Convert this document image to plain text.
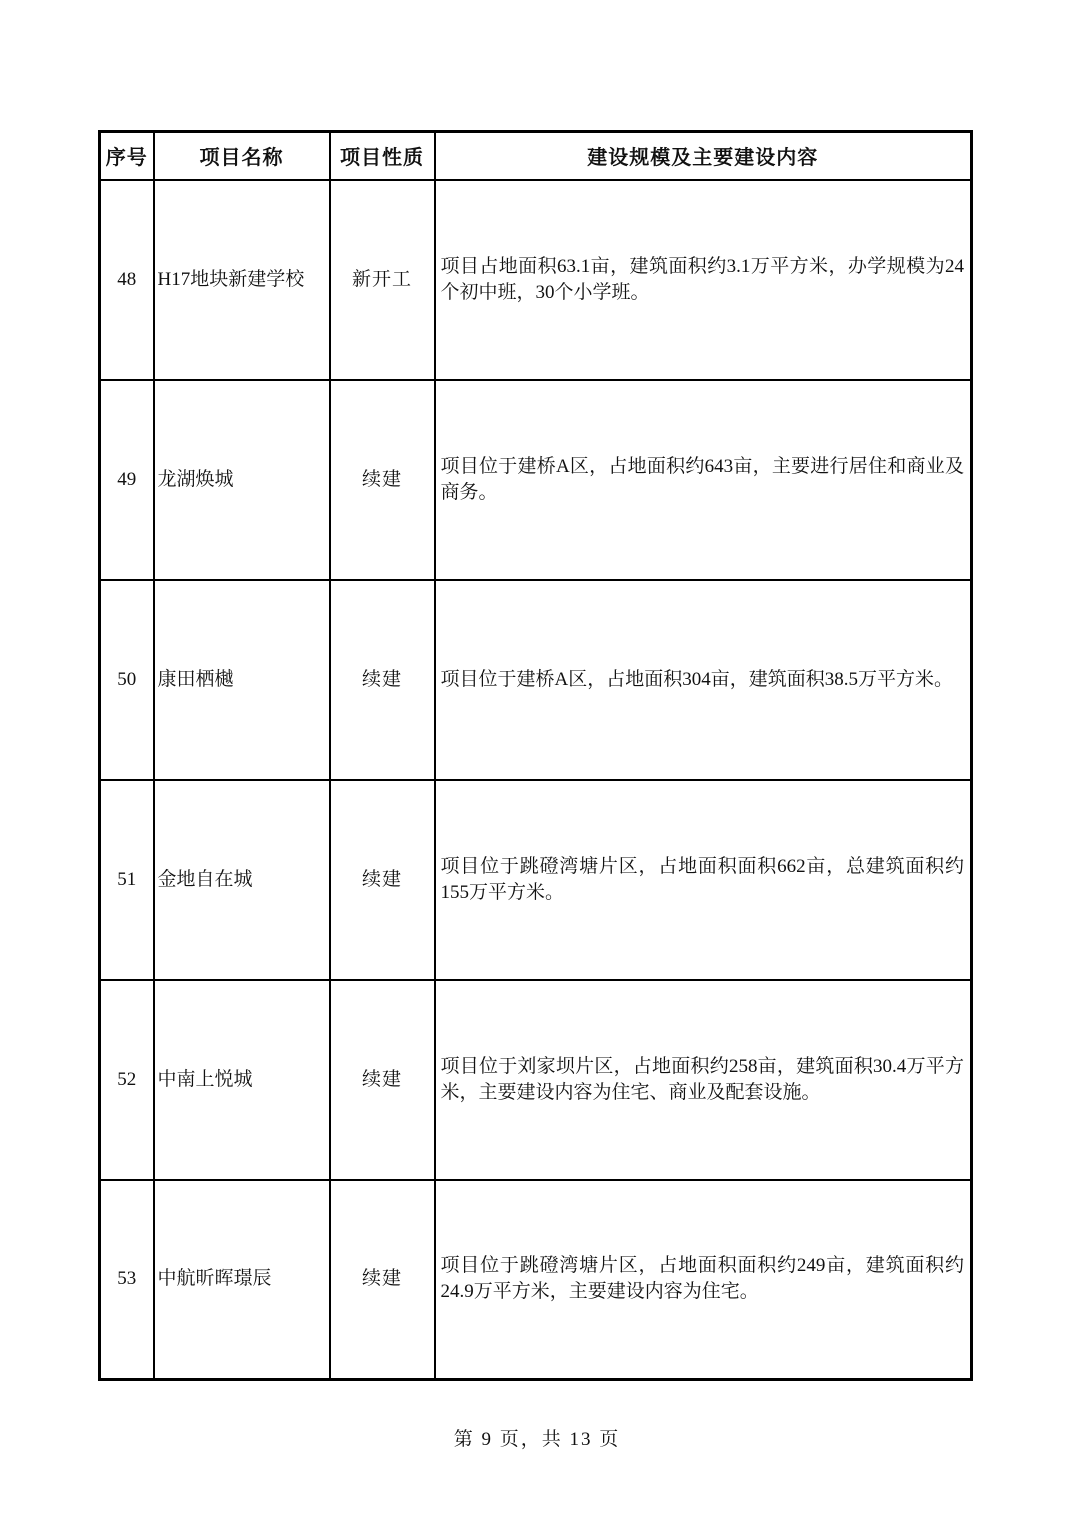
序号	项目名称	项目性质	建设规模及主要建设内容
48	H17地块新建学校	新开工	项目占地面积63.1亩，建筑面积约3.1万平方米，办学规模为24个初中班，30个小学班。
49	龙湖焕城	续建	项目位于建桥A区，占地面积约643亩，主要进行居住和商业及商务。
50	康田栖樾	续建	项目位于建桥A区，占地面积304亩，建筑面积38.5万平方米。
51	金地自在城	续建	项目位于跳磴湾塘片区，占地面积面积662亩，总建筑面积约155万平方米。
52	中南上悦城	续建	项目位于刘家坝片区，占地面积约258亩，建筑面积30.4万平方米，主要建设内容为住宅、商业及配套设施。
53	中航昕晖璟辰	续建	项目位于跳磴湾塘片区，占地面积面积约249亩，建筑面积约24.9万平方米，主要建设内容为住宅。
第 9 页，共 13 页
